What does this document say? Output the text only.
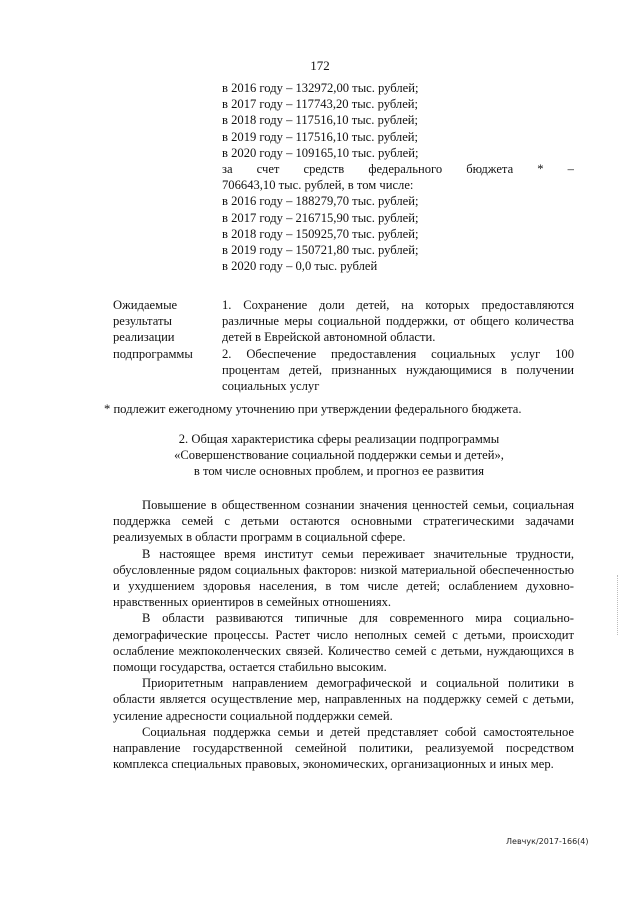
172
в 2016 году – 132972,00 тыс. рублей;
в 2017 году – 117743,20 тыс. рублей;
в 2018 году – 117516,10 тыс. рублей;
в 2019 году – 117516,10 тыс. рублей;
в 2020 году – 109165,10 тыс. рублей;
за счет средств федерального бюджета * –
706643,10 тыс. рублей, в том числе:
в 2016 году – 188279,70 тыс. рублей;
в 2017 году – 216715,90 тыс. рублей;
в 2018 году – 150925,70 тыс. рублей;
в 2019 году – 150721,80 тыс. рублей;
в 2020 году – 0,0 тыс. рублей
Ожидаемые
результаты
реализации
подпрограммы
1. Сохранение доли детей, на которых предоставляются различные меры социальной поддержки, от общего количества детей в Еврейской автономной области.
2. Обеспечение предоставления социальных услуг 100 процентам детей, признанных нуждающимися в получении социальных услуг
* подлежит ежегодному уточнению при утверждении федерального бюджета.
2. Общая характеристика сферы реализации подпрограммы
«Совершенствование социальной поддержки семьи и детей»,
в том числе основных проблем, и прогноз ее развития

Повышение в общественном сознании значения ценностей семьи, социальная поддержка семей с детьми остаются основными стратегическими задачами реализуемых в области программ в социальной сфере.

В настоящее время институт семьи переживает значительные трудности, обусловленные рядом социальных факторов: низкой материальной обеспеченностью и ухудшением здоровья населения, в том числе детей; ослаблением духовно-нравственных ориентиров в семейных отношениях.

В области развиваются типичные для современного мира социально-демографические процессы. Растет число неполных семей с детьми, происходит ослабление межпоколенческих связей. Количество семей с детьми, нуждающихся в помощи государства, остается стабильно высоким.

Приоритетным направлением демографической и социальной политики в области является осуществление мер, направленных на поддержку семей с детьми, усиление адресности социальной поддержки семей.

Социальная поддержка семьи и детей представляет собой самостоятельное направление государственной семейной политики, реализуемой посредством комплекса специальных правовых, экономических, организационных и иных мер.

Левчук/2017-166(4)
